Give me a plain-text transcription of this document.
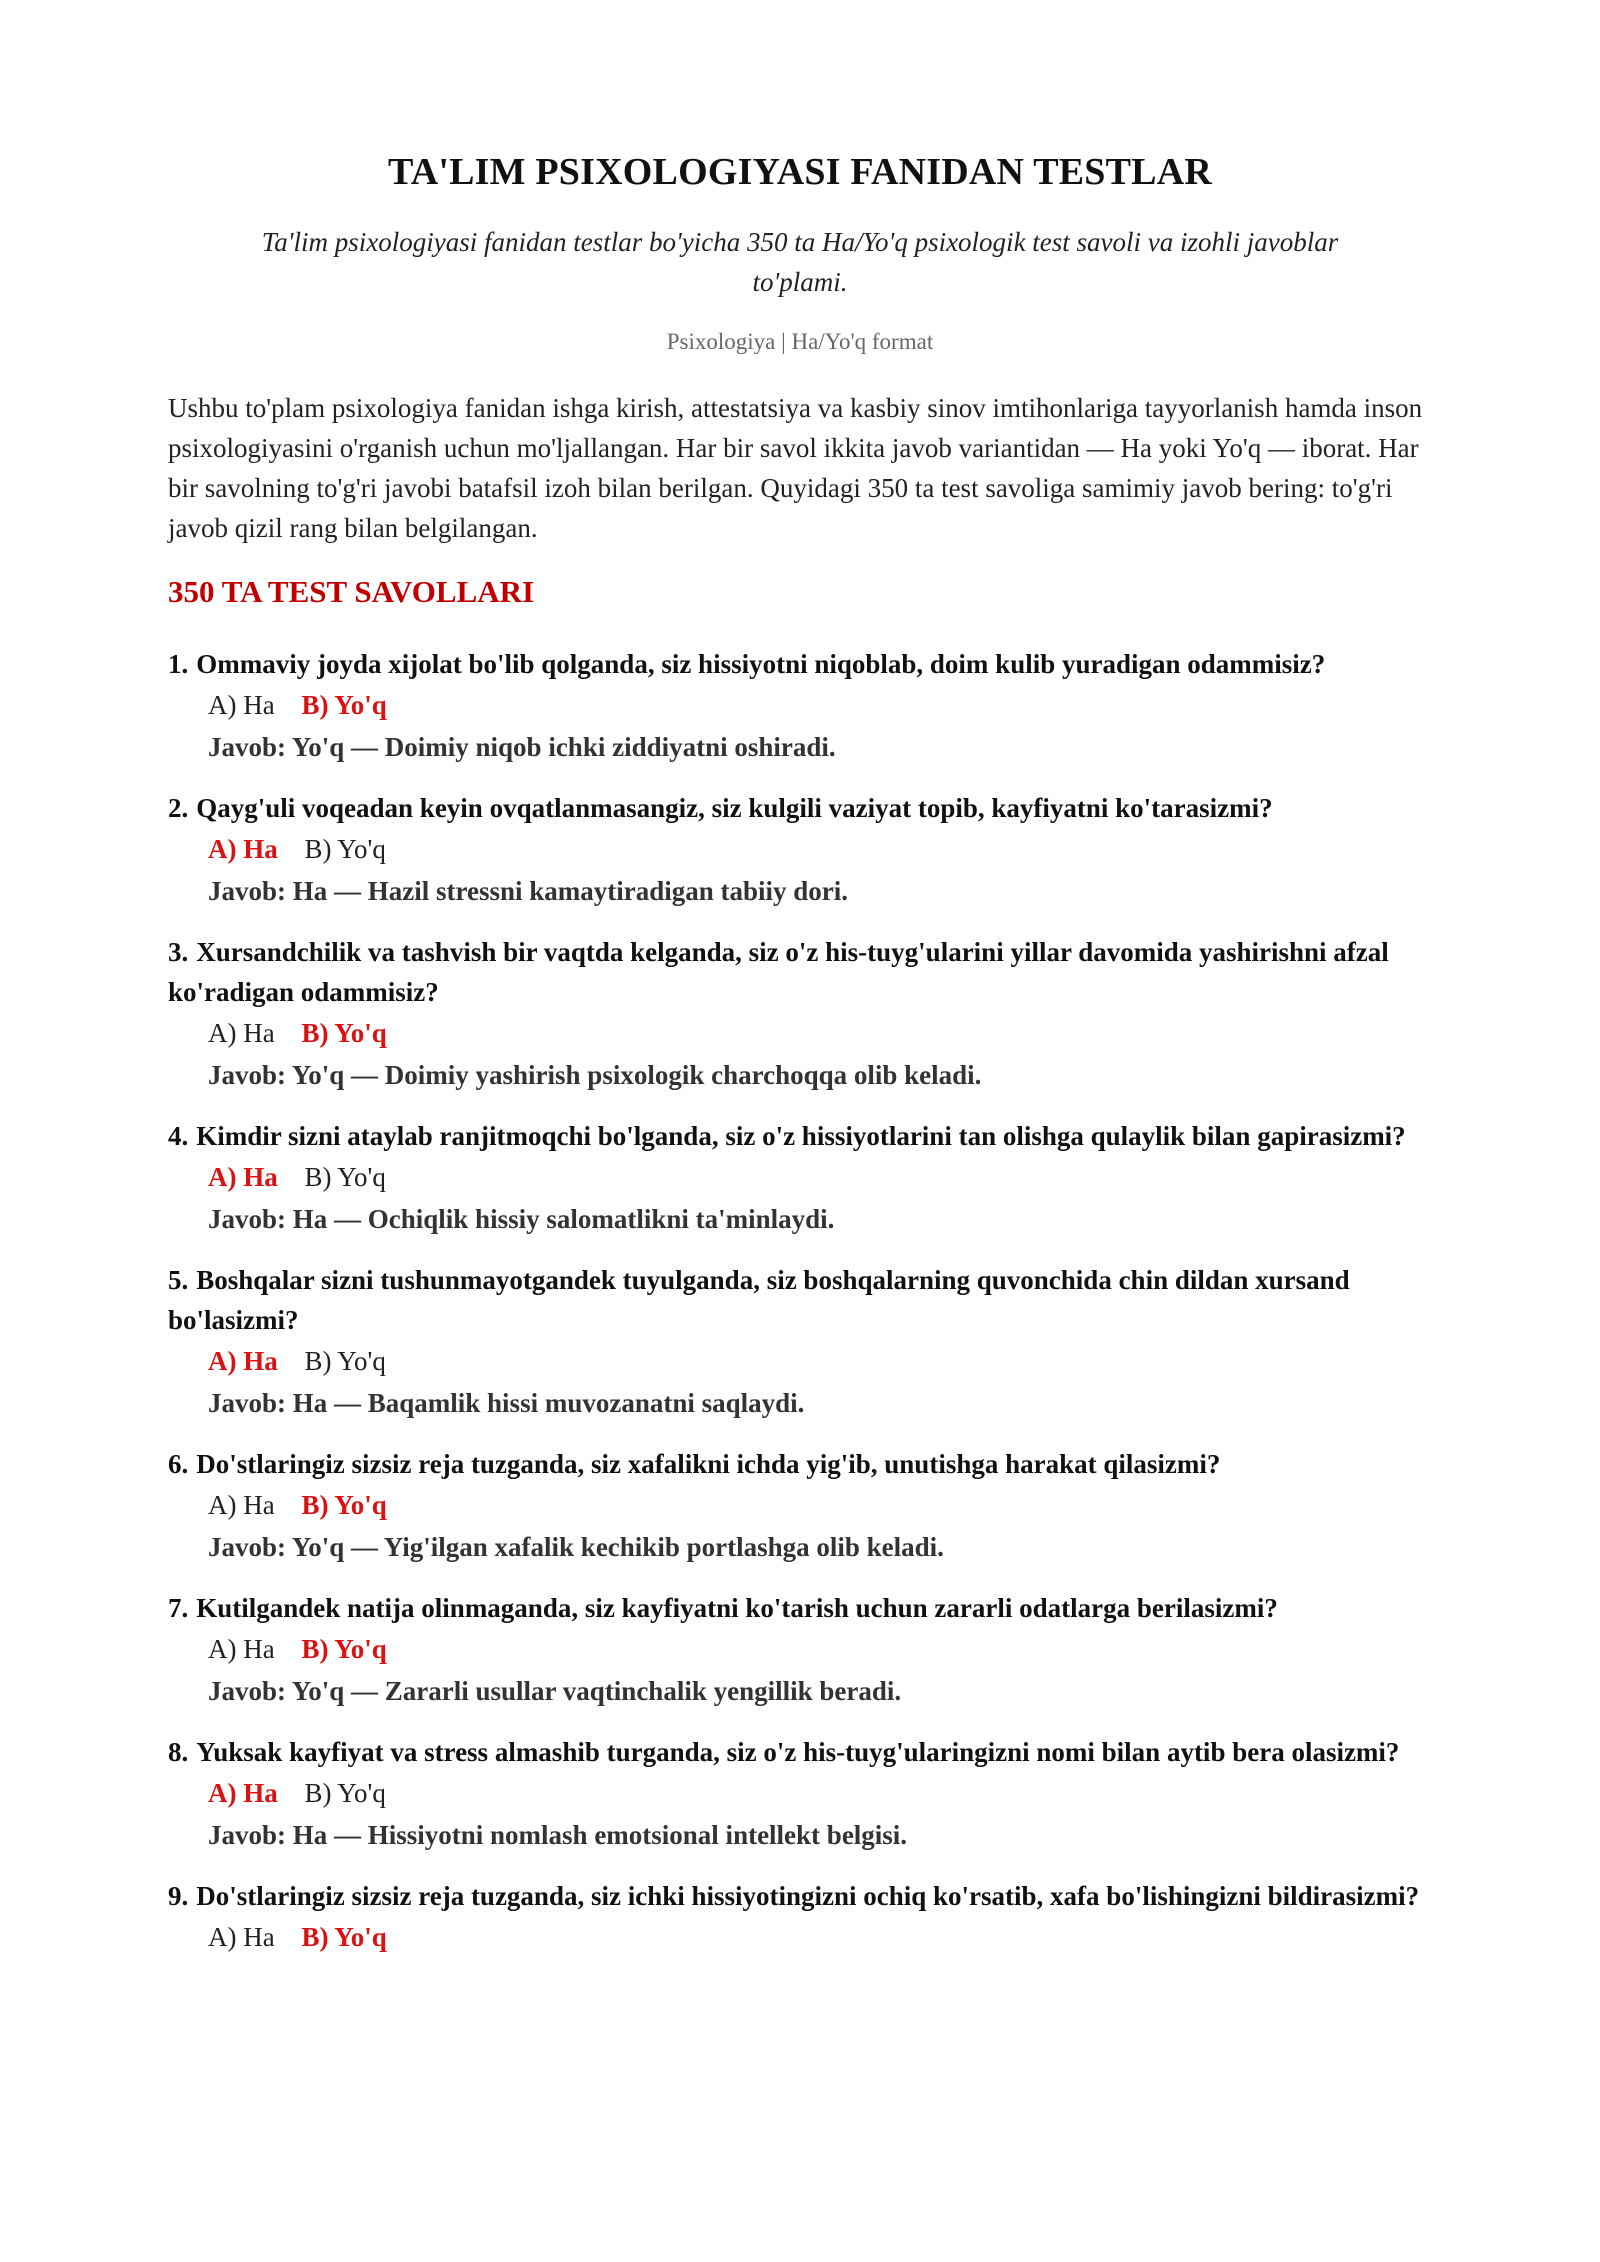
TA'LIM PSIXOLOGIYASI FANIDAN TESTLAR

Ta'lim psixologiyasi fanidan testlar bo'yicha 350 ta Ha/Yo'q psixologik test savoli va izohli javoblar to'plami.

Psixologiya | Ha/Yo'q format

Ushbu to'plam psixologiya fanidan ishga kirish, attestatsiya va kasbiy sinov imtihonlariga tayyorlanish hamda inson psixologiyasini o'rganish uchun mo'ljallangan. Har bir savol ikkita javob variantidan — Ha yoki Yo'q — iborat. Har bir savolning to'g'ri javobi batafsil izoh bilan berilgan. Quyidagi 350 ta test savoliga samimiy javob bering: to'g'ri javob qizil rang bilan belgilangan.

350 TA TEST SAVOLLARI

1. Ommaviy joyda xijolat bo'lib qolganda, siz hissiyotni niqoblab, doim kulib yuradigan odammisiz?

A) Ha B) Yo'q

Javob: Yo'q — Doimiy niqob ichki ziddiyatni oshiradi.

2. Qayg'uli voqeadan keyin ovqatlanmasangiz, siz kulgili vaziyat topib, kayfiyatni ko'tarasizmi?

A) Ha B) Yo'q

Javob: Ha — Hazil stressni kamaytiradigan tabiiy dori.

3. Xursandchilik va tashvish bir vaqtda kelganda, siz o'z his-tuyg'ularini yillar davomida yashirishni afzal ko'radigan odammisiz?

A) Ha B) Yo'q

Javob: Yo'q — Doimiy yashirish psixologik charchoqqa olib keladi.

4. Kimdir sizni ataylab ranjitmoqchi bo'lganda, siz o'z hissiyotlarini tan olishga qulaylik bilan gapirasizmi?

A) Ha B) Yo'q

Javob: Ha — Ochiqlik hissiy salomatlikni ta'minlaydi.

5. Boshqalar sizni tushunmayotgandek tuyulganda, siz boshqalarning quvonchida chin dildan xursand bo'lasizmi?

A) Ha B) Yo'q

Javob: Ha — Baqamlik hissi muvozanatni saqlaydi.

6. Do'stlaringiz sizsiz reja tuzganda, siz xafalikni ichda yig'ib, unutishga harakat qilasizmi?

A) Ha B) Yo'q

Javob: Yo'q — Yig'ilgan xafalik kechikib portlashga olib keladi.

7. Kutilgandek natija olinmaganda, siz kayfiyatni ko'tarish uchun zararli odatlarga berilasizmi?

A) Ha B) Yo'q

Javob: Yo'q — Zararli usullar vaqtinchalik yengillik beradi.

8. Yuksak kayfiyat va stress almashib turganda, siz o'z his-tuyg'ularingizni nomi bilan aytib bera olasizmi?

A) Ha B) Yo'q

Javob: Ha — Hissiyotni nomlash emotsional intellekt belgisi.

9. Do'stlaringiz sizsiz reja tuzganda, siz ichki hissiyotingizni ochiq ko'rsatib, xafa bo'lishingizni bildirasizmi?

A) Ha B) Yo'q
